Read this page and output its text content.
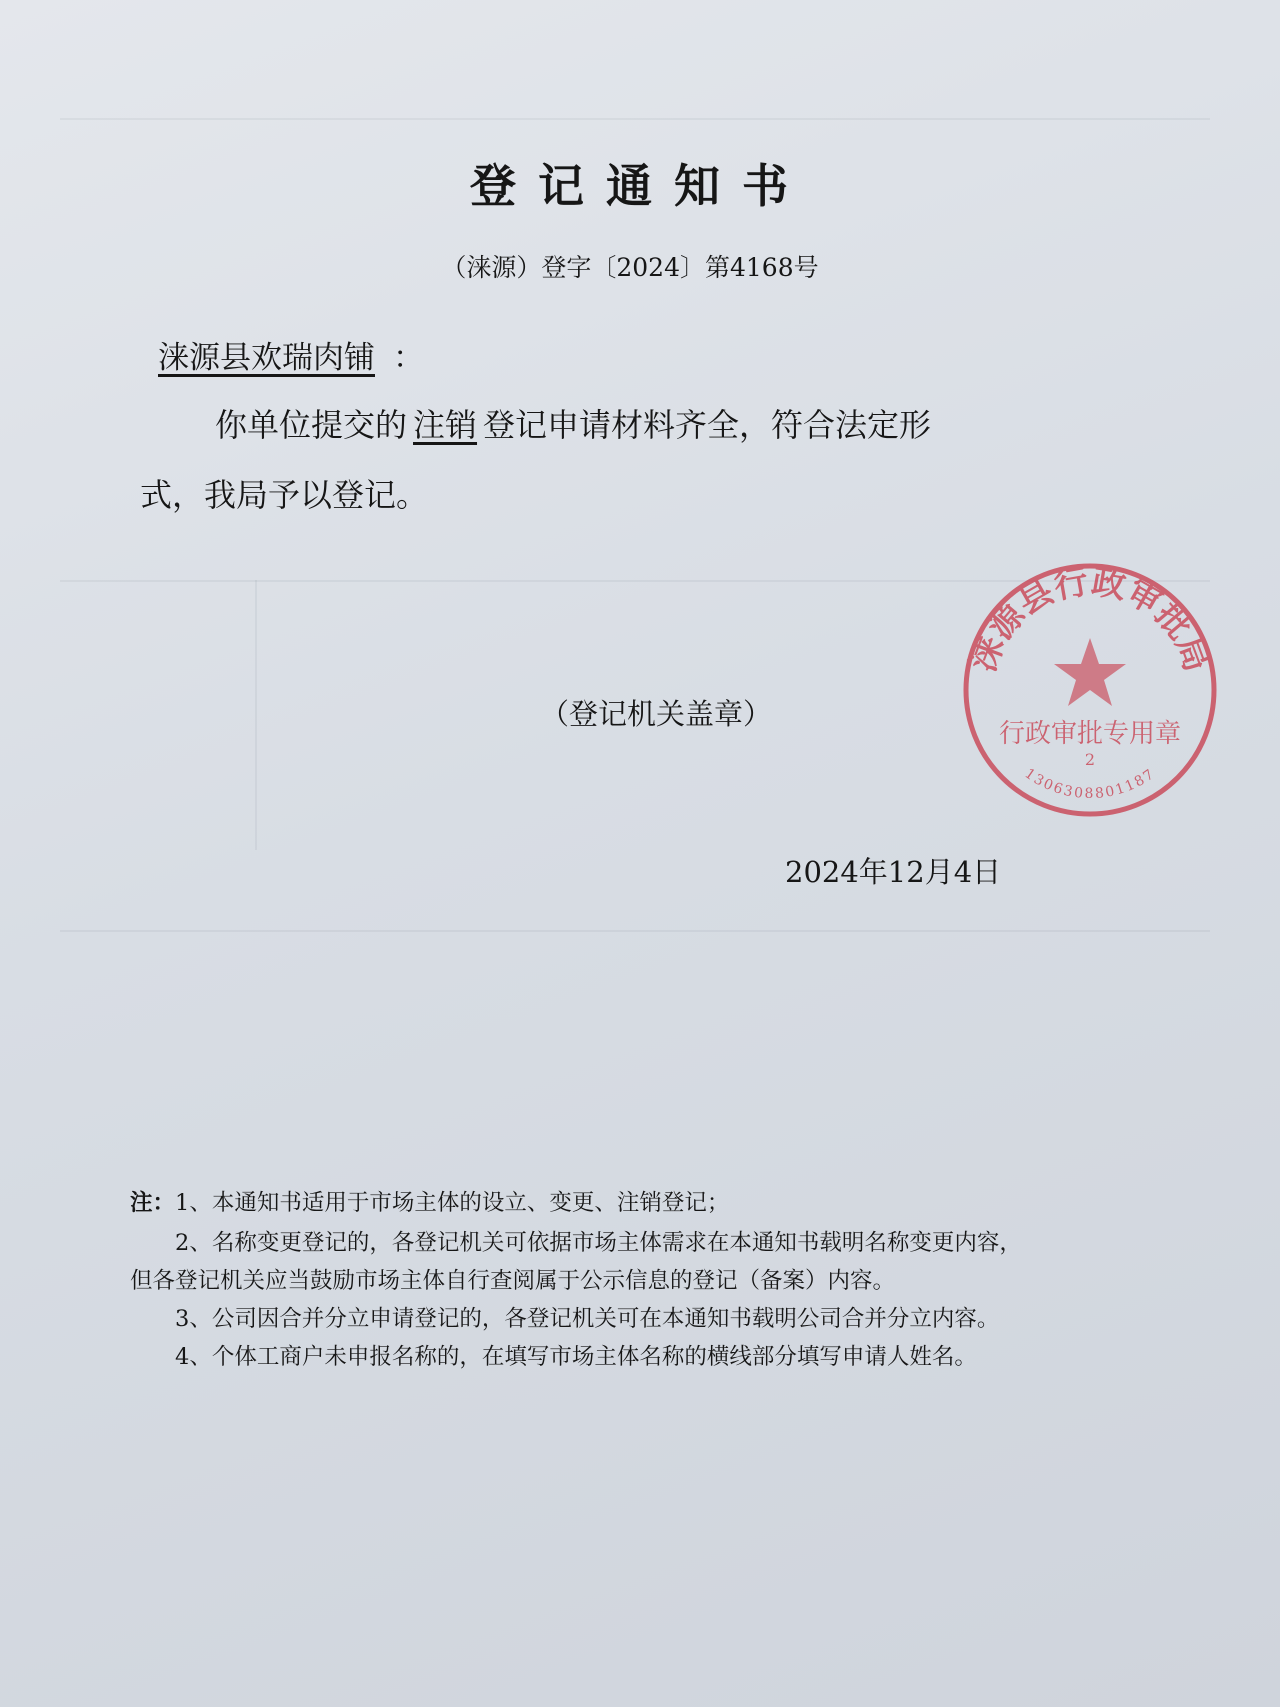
登记通知书
（涞源）登字〔2024〕第4168号
涞源县欢瑞肉铺 ：
你单位提交的 注销 登记申请材料齐全，符合法定形
式，我局予以登记。
涞源县行政审批局
行政审批专用章
2
1306308801187
（登记机关盖章）
2024年12月4日
注：1、本通知书适用于市场主体的设立、变更、注销登记；
2、名称变更登记的，各登记机关可依据市场主体需求在本通知书载明名称变更内容，
但各登记机关应当鼓励市场主体自行查阅属于公示信息的登记（备案）内容。
3、公司因合并分立申请登记的，各登记机关可在本通知书载明公司合并分立内容。
4、个体工商户未申报名称的，在填写市场主体名称的横线部分填写申请人姓名。
